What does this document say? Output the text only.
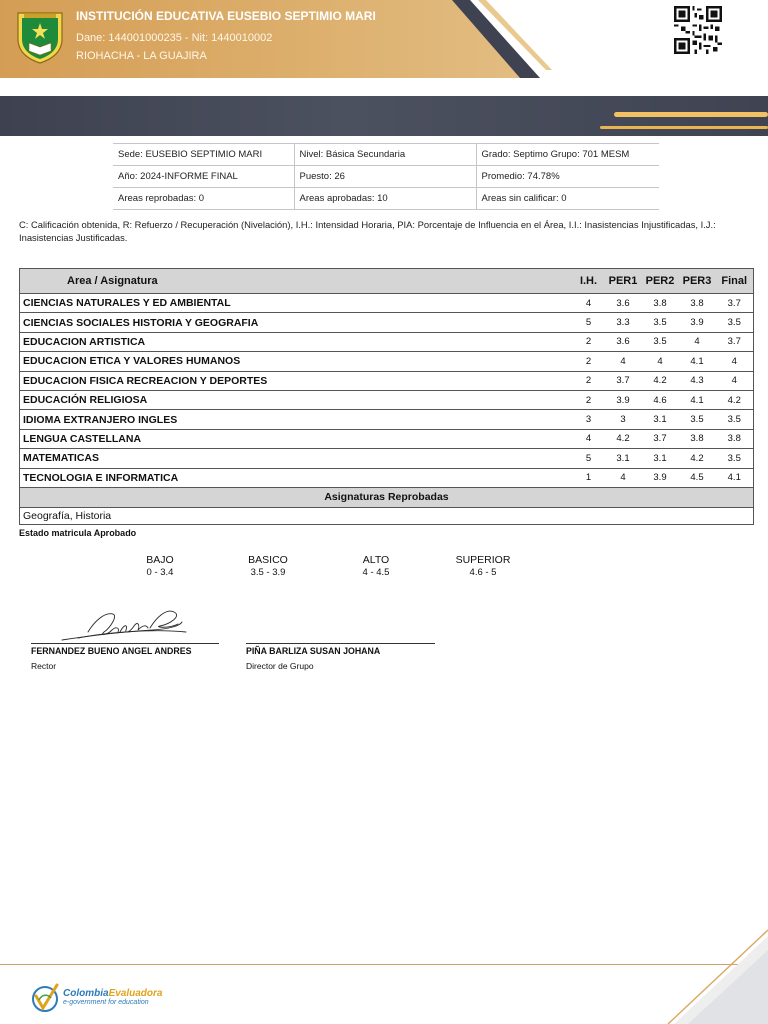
INSTITUCIÓN EDUCATIVA EUSEBIO SEPTIMIO MARI
Dane: 144001000235 - Nit: 1440010002
RIOHACHA - LA GUAJIRA
Sede: EUSEBIO SEPTIMIO MARI	Nivel: Básica Secundaria	Grado: Septimo Grupo: 701 MESM
Año: 2024-INFORME FINAL	Puesto: 26	Promedio: 74.78%
Areas reprobadas: 0	Areas aprobadas: 10	Areas sin calificar: 0
C: Calificación obtenida, R: Refuerzo / Recuperación (Nivelación), I.H.: Intensidad Horaria, PIA: Porcentaje de Influencia en el Área, I.I.: Inasistencias Injustificadas, I.J.: Inasistencias Justificadas.
Area / Asignatura	I.H.	PER1	PER2	PER3	Final
CIENCIAS NATURALES Y ED AMBIENTAL	4	3.6	3.8	3.8	3.7
CIENCIAS SOCIALES HISTORIA Y GEOGRAFIA	5	3.3	3.5	3.9	3.5
EDUCACION ARTISTICA	2	3.6	3.5	4	3.7
EDUCACION ETICA Y VALORES HUMANOS	2	4	4	4.1	4
EDUCACION FISICA RECREACION Y DEPORTES	2	3.7	4.2	4.3	4
EDUCACIÓN RELIGIOSA	2	3.9	4.6	4.1	4.2
IDIOMA EXTRANJERO INGLES	3	3	3.1	3.5	3.5
LENGUA CASTELLANA	4	4.2	3.7	3.8	3.8
MATEMATICAS	5	3.1	3.1	4.2	3.5
TECNOLOGIA E INFORMATICA	1	4	3.9	4.5	4.1
Asignaturas Reprobadas					
Geografía, Historia					
Estado matricula Aprobado
BAJO
0 - 3.4
BASICO
3.5 - 3.9
ALTO
4 - 4.5
SUPERIOR
4.6 - 5
FERNANDEZ BUENO ANGEL ANDRES
Rector
PIÑA BARLIZA SUSAN JOHANA
Director de Grupo
ColombiaEvaluadora
e-government for education
